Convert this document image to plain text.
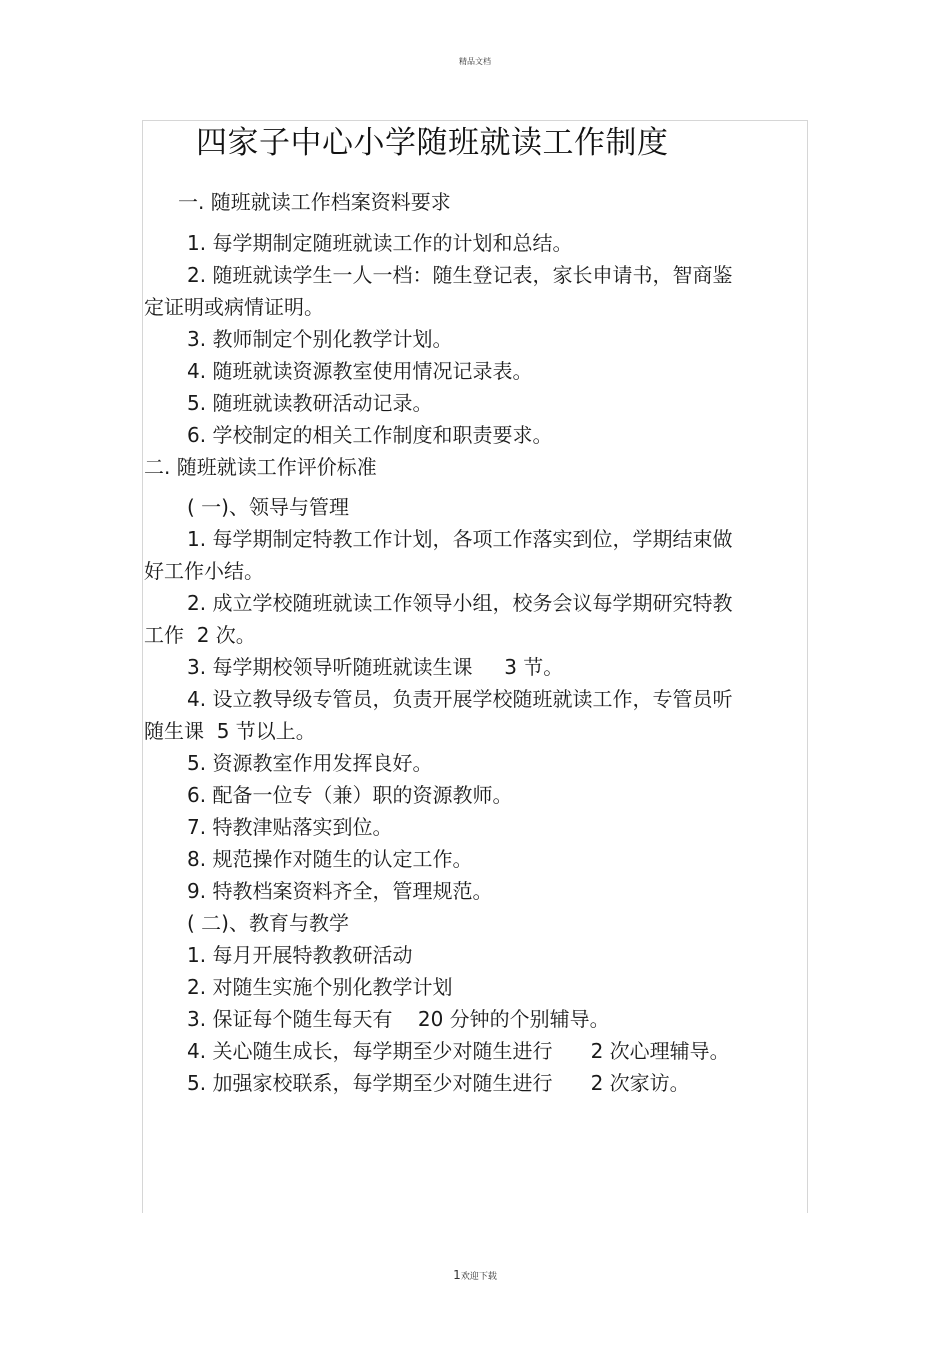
精品文档
四家子中心小学随班就读工作制度
一. 随班就读工作档案资料要求
1. 每学期制定随班就读工作的计划和总结。
2. 随班就读学生一人一档：随生登记表，家长申请书，智商鉴
定证明或病情证明。
3. 教师制定个别化教学计划。
4. 随班就读资源教室使用情况记录表。
5. 随班就读教研活动记录。
6. 学校制定的相关工作制度和职责要求。
二. 随班就读工作评价标准
( 一)、领导与管理
1. 每学期制定特教工作计划，各项工作落实到位，学期结束做
好工作小结。
2. 成立学校随班就读工作领导小组，校务会议每学期研究特教
工作  2 次。
3. 每学期校领导听随班就读生课     3 节。
4. 设立教导级专管员，负责开展学校随班就读工作，专管员听
随生课  5 节以上。
5. 资源教室作用发挥良好。
6. 配备一位专（兼）职的资源教师。
7. 特教津贴落实到位。
8. 规范操作对随生的认定工作。
9. 特教档案资料齐全，管理规范。
( 二)、教育与教学
1. 每月开展特教教研活动
2. 对随生实施个别化教学计划
3. 保证每个随生每天有    20 分钟的个别辅导。
4. 关心随生成长，每学期至少对随生进行      2 次心理辅导。
5. 加强家校联系，每学期至少对随生进行      2 次家访。
1欢迎下载
